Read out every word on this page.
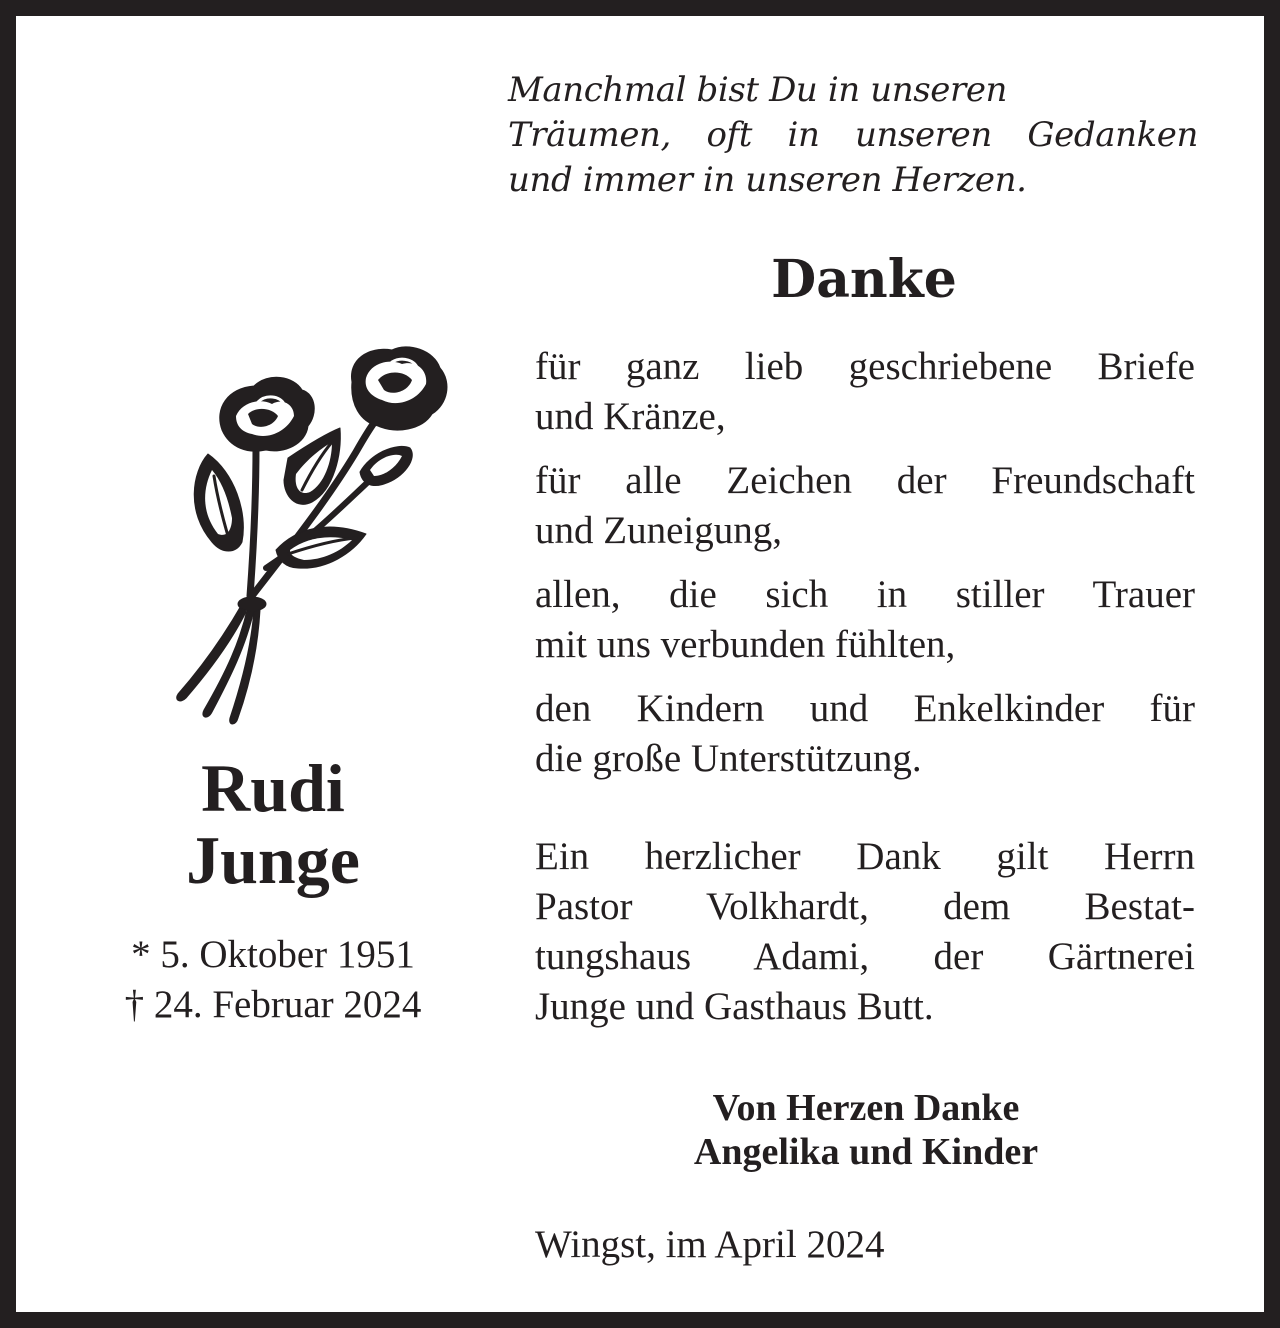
Manchmal bist Du in unseren
Träumen, oft in unseren Gedanken
und immer in unseren Herzen.
Danke
für ganz lieb geschriebene Briefe
und Kränze,
für alle Zeichen der Freundschaft
und Zuneigung,
allen, die sich in stiller Trauer
mit uns verbunden fühlten,
den Kindern und Enkelkinder für
die große Unterstützung.
Ein herzlicher Dank gilt Herrn
Pastor Volkhardt, dem Bestat-
tungshaus Adami, der Gärtnerei
Junge und Gasthaus Butt.
Von Herzen Danke
Angelika und Kinder
Wingst, im April 2024
Rudi
Junge
* 5. Oktober 1951
† 24. Februar 2024
